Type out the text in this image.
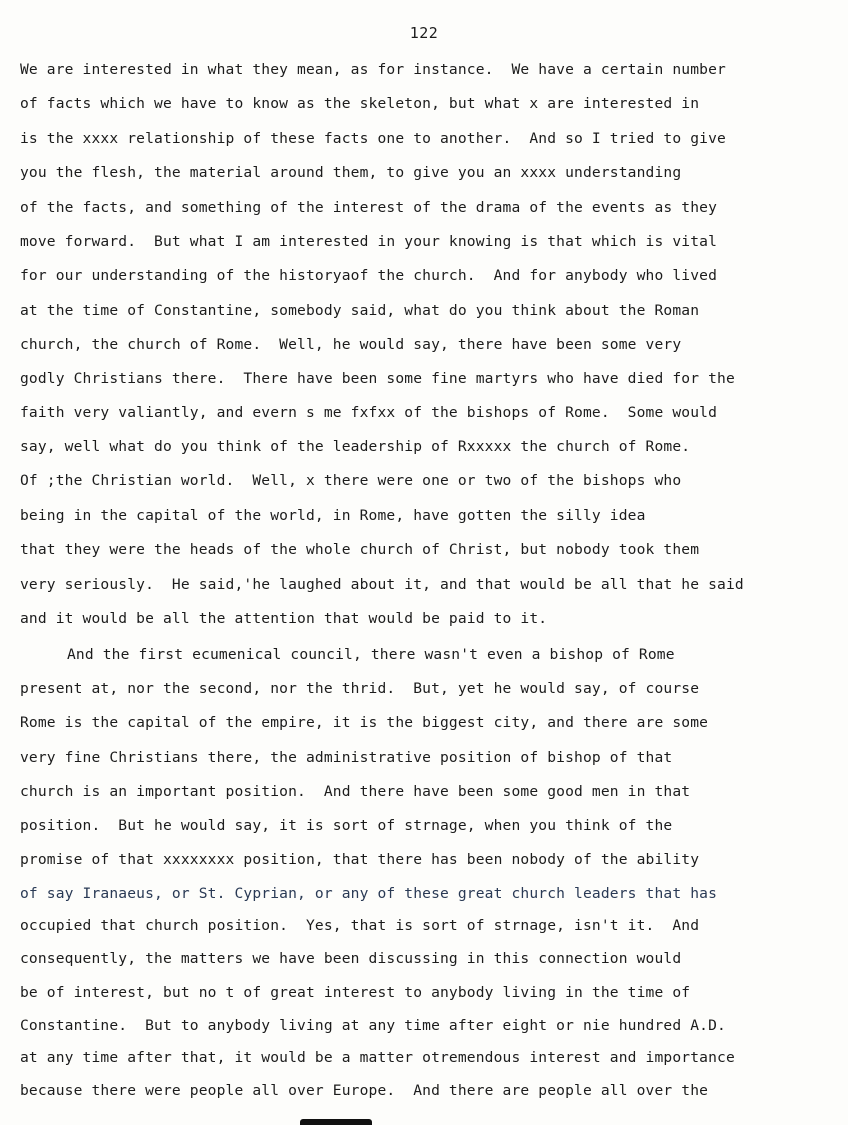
122
We are interested in what they mean, as for instance.  We have a certain number
of facts which we have to know as the skeleton, but what x are interested in
is the xxxx relationship of these facts one to another.  And so I tried to give
you the flesh, the material around them, to give you an xxxx understanding
of the facts, and something of the interest of the drama of the events as they
move forward.  But what I am interested in your knowing is that which is vital
for our understanding of the historyaof the church.  And for anybody who lived
at the time of Constantine, somebody said, what do you think about the Roman
church, the church of Rome.  Well, he would say, there have been some very
godly Christians there.  There have been some fine martyrs who have died for the
faith very valiantly, and evern s me fxfxx of the bishops of Rome.  Some would
say, well what do you think of the leadership of Rxxxxx the church of Rome.
Of ;the Christian world.  Well, x there were one or two of the bishops who
being in the capital of the world, in Rome, have gotten the silly idea
that they were the heads of the whole church of Christ, but nobody took them
very seriously.  He said,'he laughed about it, and that would be all that he said
and it would be all the attention that would be paid to it.
And the first ecumenical council, there wasn't even a bishop of Rome
present at, nor the second, nor the thrid.  But, yet he would say, of course
Rome is the capital of the empire, it is the biggest city, and there are some
very fine Christians there, the administrative position of bishop of that
church is an important position.  And there have been some good men in that
position.  But he would say, it is sort of strnage, when you think of the
promise of that xxxxxxxx position, that there has been nobody of the ability
of say Iranaeus, or St. Cyprian, or any of these great church leaders that has
occupied that church position.  Yes, that is sort of strnage, isn't it.  And
consequently, the matters we have been discussing in this connection would
be of interest, but no t of great interest to anybody living in the time of
Constantine.  But to anybody living at any time after eight or nie hundred A.D.
at any time after that, it would be a matter otremendous interest and importance
because there were people all over Europe.  And there are people all over the
